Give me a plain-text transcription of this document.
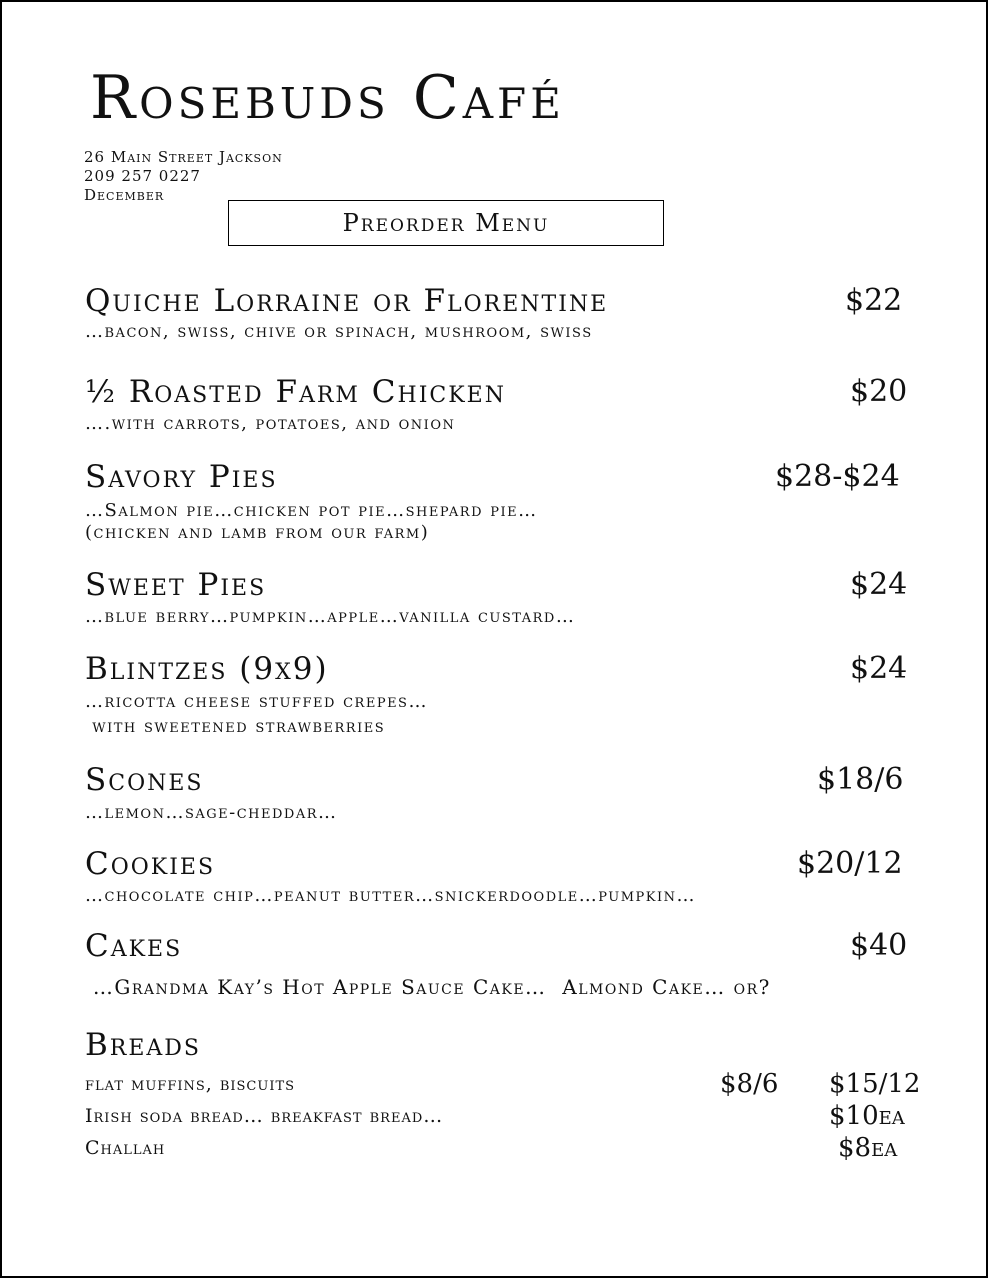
Rosebuds Café
26 Main Street Jackson
209 257 0227
December
Preorder Menu
Quiche Lorraine or Florentine	$22
…bacon, swiss, chive or spinach, mushroom, swiss
½ Roasted Farm Chicken	$20
….with carrots, potatoes, and onion
Savory Pies	$28-$24
…Salmon pie…chicken pot pie…shepard pie…
(chicken and lamb from our farm)
Sweet Pies	$24
…blue berry…pumpkin…apple…vanilla custard…
Blintzes (9x9)	$24
…ricotta cheese stuffed crepes…
with sweetened strawberries
Scones	$18/6
…lemon…sage-cheddar…
Cookies	$20/12
…chocolate chip…peanut butter…snickerdoodle…pumpkin…
Cakes	$40
…Grandma Kay’s Hot Apple Sauce Cake…  Almond Cake… or?
Breads
flat muffins, biscuits	$8/6 $15/12
Irish soda bread… breakfast bread…	$10ea
Challah	$8ea
